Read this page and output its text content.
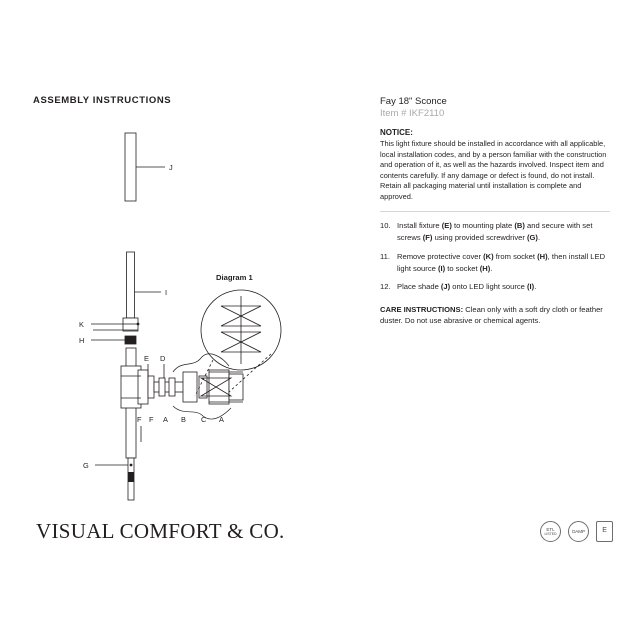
ASSEMBLY INSTRUCTIONS
J
I
K
H
E D
G
F F A B C A
Diagram 1
VISUAL COMFORT & CO.	ETL
LISTED
DAMP E
Fay 18" Sconce
Item # IKF2110
NOTICE:
This light fixture should be installed in accordance with all applicable, local installation codes, and by a person familiar with the construction and operation of it, as well as the hazards involved. Inspect item and contents carefully. If any damage or defect is found, do not install. Retain all packaging material until installation is complete and approved.
10. Install fixture (E) to mounting plate (B) and secure with set screws (F) using provided screwdriver (G).
11. Remove protective cover (K) from socket (H), then install LED light source (I) to socket (H).
12. Place shade (J) onto LED light source (I).
CARE INSTRUCTIONS: Clean only with a soft dry cloth or feather duster. Do not use abrasive or chemical agents.
